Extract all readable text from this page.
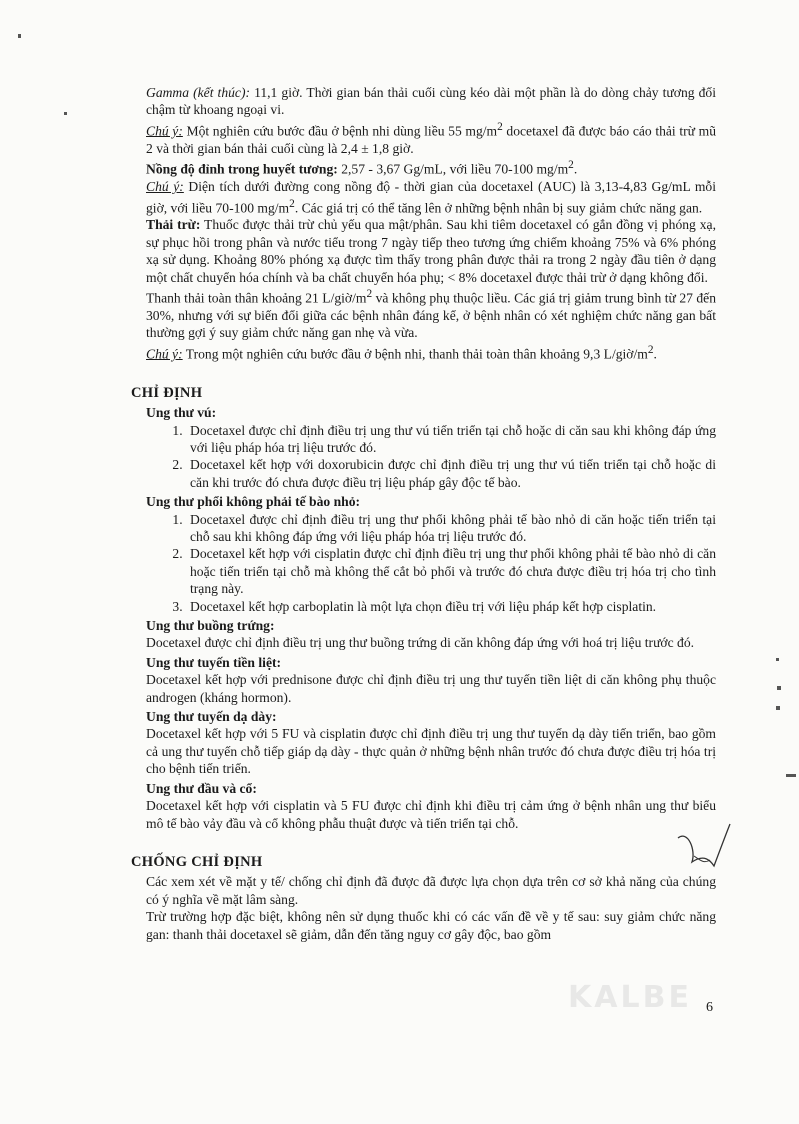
Gamma (kết thúc): 11,1 giờ. Thời gian bán thải cuối cùng kéo dài một phần là do dòng chảy tương đối chậm từ khoang ngoại vi.

Chú ý: Một nghiên cứu bước đầu ở bệnh nhi dùng liều 55 $mg/m^2$ docetaxel đã được báo cáo thải trừ mũ 2 và thời gian bán thải cuối cùng là 2,4 ± 1,8 giờ.

Nồng độ đỉnh trong huyết tương: 2,57 - 3,67 Gg/mL, với liều 70-100 $mg/m^2$.

Chú ý: Diện tích dưới đường cong nồng độ - thời gian của docetaxel (AUC) là 3,13-4,83 Gg/mL mỗi giờ, với liều 70-100 $mg/m^2$. Các giá trị có thể tăng lên ở những bệnh nhân bị suy giảm chức năng gan.

Thải trừ: Thuốc được thải trừ chủ yếu qua mật/phân. Sau khi tiêm docetaxel có gắn đồng vị phóng xạ, sự phục hồi trong phân và nước tiểu trong 7 ngày tiếp theo tương ứng chiếm khoảng 75% và 6% phóng xạ sử dụng. Khoảng 80% phóng xạ được tìm thấy trong phân được thải ra trong 2 ngày đầu tiên ở dạng một chất chuyển hóa chính và ba chất chuyển hóa phụ; < 8% docetaxel được thải trừ ở dạng không đổi.

Thanh thải toàn thân khoảng 21 $L/giờ/m^2$ và không phụ thuộc liều. Các giá trị giảm trung bình từ 27 đến 30%, nhưng với sự biến đổi giữa các bệnh nhân đáng kể, ở bệnh nhân có xét nghiệm chức năng gan bất thường gợi ý suy giảm chức năng gan nhẹ và vừa.

Chú ý: Trong một nghiên cứu bước đầu ở bệnh nhi, thanh thải toàn thân khoảng 9,3 $L/giờ/m^2$.

CHỈ ĐỊNH
Ung thư vú:
1. Docetaxel được chỉ định điều trị ung thư vú tiến triển tại chỗ hoặc di căn sau khi không đáp ứng với liệu pháp hóa trị liệu trước đó.
2. Docetaxel kết hợp với doxorubicin được chỉ định điều trị ung thư vú tiến triển tại chỗ hoặc di căn khi trước đó chưa được điều trị liệu pháp gây độc tế bào.
Ung thư phổi không phải tế bào nhỏ:
1. Docetaxel được chỉ định điều trị ung thư phổi không phải tế bào nhỏ di căn hoặc tiến triển tại chỗ sau khi không đáp ứng với liệu pháp hóa trị liệu trước đó.
2. Docetaxel kết hợp với cisplatin được chỉ định điều trị ung thư phổi không phải tế bào nhỏ di căn hoặc tiến triển tại chỗ mà không thể cắt bỏ phổi và trước đó chưa được điều trị hóa trị cho tình trạng này.
3. Docetaxel kết hợp carboplatin là một lựa chọn điều trị với liệu pháp kết hợp cisplatin.
Ung thư buồng trứng:

Docetaxel được chỉ định điều trị ung thư buồng trứng di căn không đáp ứng với hoá trị liệu trước đó.

Ung thư tuyến tiền liệt:

Docetaxel kết hợp với prednisone được chỉ định điều trị ung thư tuyến tiền liệt di căn không phụ thuộc androgen (kháng hormon).

Ung thư tuyến dạ dày:

Docetaxel kết hợp với 5 FU và cisplatin được chỉ định điều trị ung thư tuyến dạ dày tiến triển, bao gồm cả ung thư tuyến chỗ tiếp giáp dạ dày - thực quản ở những bệnh nhân trước đó chưa được điều trị hóa trị cho bệnh tiến triển.

Ung thư đầu và cổ:

Docetaxel kết hợp với cisplatin và 5 FU được chỉ định khi điều trị cảm ứng ở bệnh nhân ung thư biểu mô tế bào vảy đầu và cổ không phẫu thuật được và tiến triển tại chỗ.

CHỐNG CHỈ ĐỊNH

Các xem xét về mặt y tế/ chống chỉ định đã được đã được lựa chọn dựa trên cơ sở khả năng của chúng có ý nghĩa về mặt lâm sàng.

Trừ trường hợp đặc biệt, không nên sử dụng thuốc khi có các vấn đề về y tế sau: suy giảm chức năng gan: thanh thải docetaxel sẽ giảm, dẫn đến tăng nguy cơ gây độc, bao gồm

KALBE 6
